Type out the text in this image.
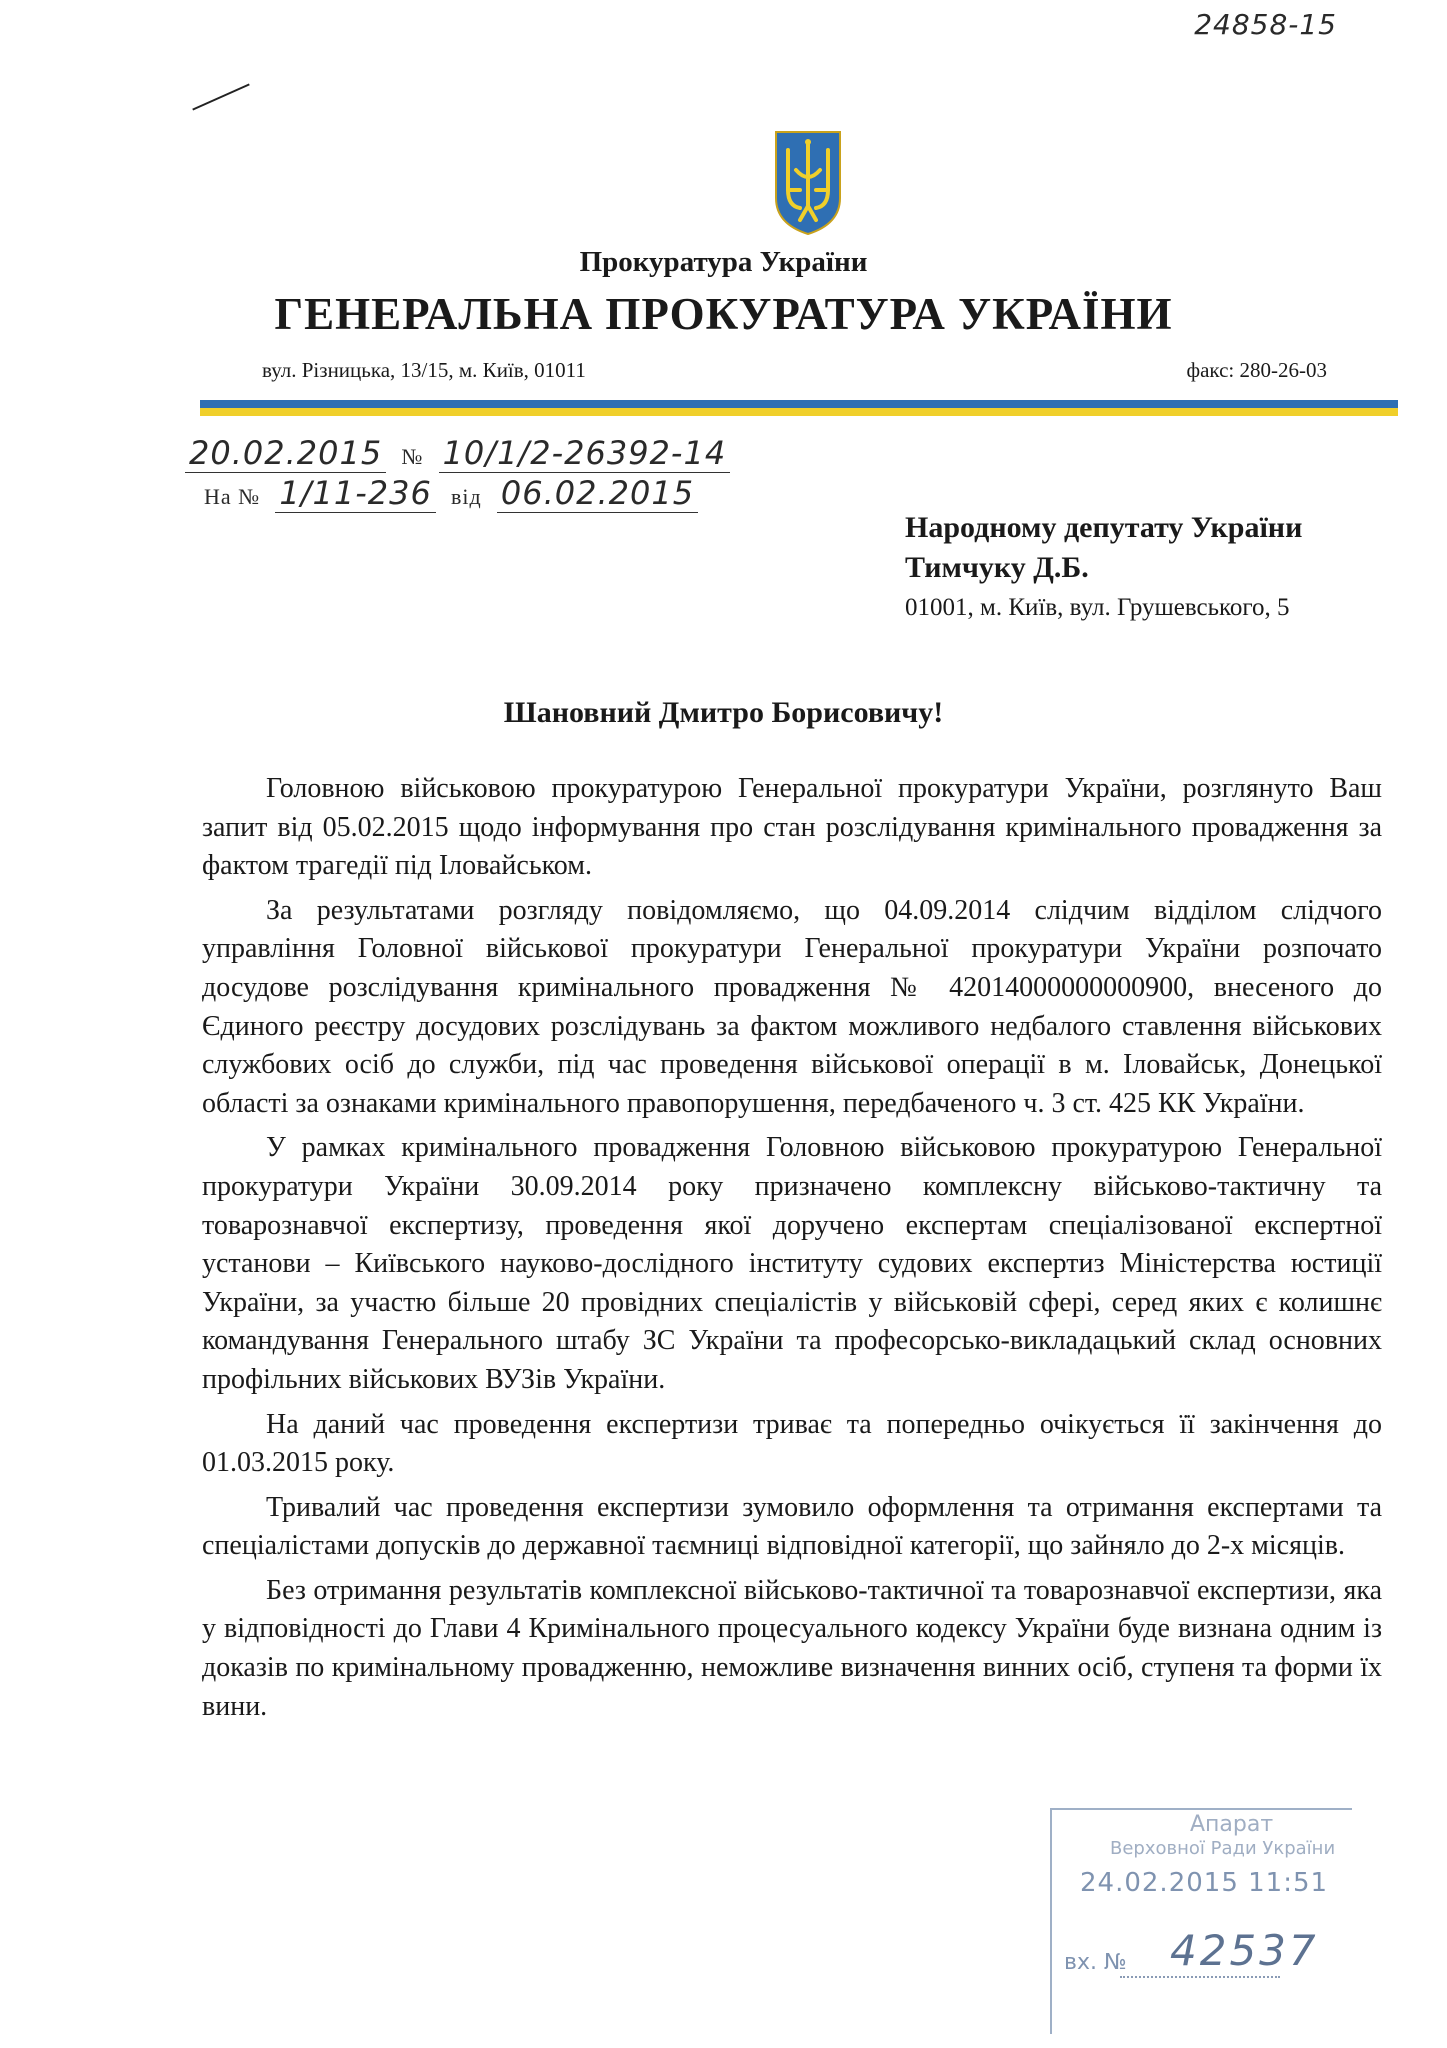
24858-15
Прокуратура України
ГЕНЕРАЛЬНА ПРОКУРАТУРА УКРАЇНИ
вул. Різницька, 13/15, м. Київ, 01011	факс: 280-26-03
20.02.2015 № 10/1/2-26392-14
На № 1/11-236 від 06.02.2015
Народному депутату України
Тимчуку Д.Б.
01001, м. Київ, вул. Грушевського, 5
Шановний Дмитро Борисовичу!

Головною військовою прокуратурою Генеральної прокуратури України, розглянуто Ваш запит від 05.02.2015 щодо інформування про стан розслідування кримінального провадження за фактом трагедії під Іловайськом.

За результатами розгляду повідомляємо, що 04.09.2014 слідчим відділом слідчого управління Головної військової прокуратури Генеральної прокуратури України розпочато досудове розслідування кримінального провадження № 42014000000000900, внесеного до Єдиного реєстру досудових розслідувань за фактом можливого недбалого ставлення військових службових осіб до служби, під час проведення військової операції в м. Іловайськ, Донецької області за ознаками кримінального правопорушення, передбаченого ч. 3 ст. 425 КК України.

У рамках кримінального провадження Головною військовою прокуратурою Генеральної прокуратури України 30.09.2014 року призначено комплексну військово-тактичну та товарознавчої експертизу, проведення якої доручено експертам спеціалізованої експертної установи – Київського науково-дослідного інституту судових експертиз Міністерства юстиції України, за участю більше 20 провідних спеціалістів у військовій сфері, серед яких є колишнє командування Генерального штабу ЗС України та професорсько-викладацький склад основних профільних військових ВУЗів України.

На даний час проведення експертизи триває та попередньо очікується її закінчення до 01.03.2015 року.

Тривалий час проведення експертизи зумовило оформлення та отримання експертами та спеціалістами допусків до державної таємниці відповідної категорії, що зайняло до 2-х місяців.

Без отримання результатів комплексної військово-тактичної та товарознавчої експертизи, яка у відповідності до Глави 4 Кримінального процесуального кодексу України буде визнана одним із доказів по кримінальному провадженню, неможливе визначення винних осіб, ступеня та форми їх вини.

Апарат
Верховної Ради України
24.02.2015 11:51
вх. № 42537
